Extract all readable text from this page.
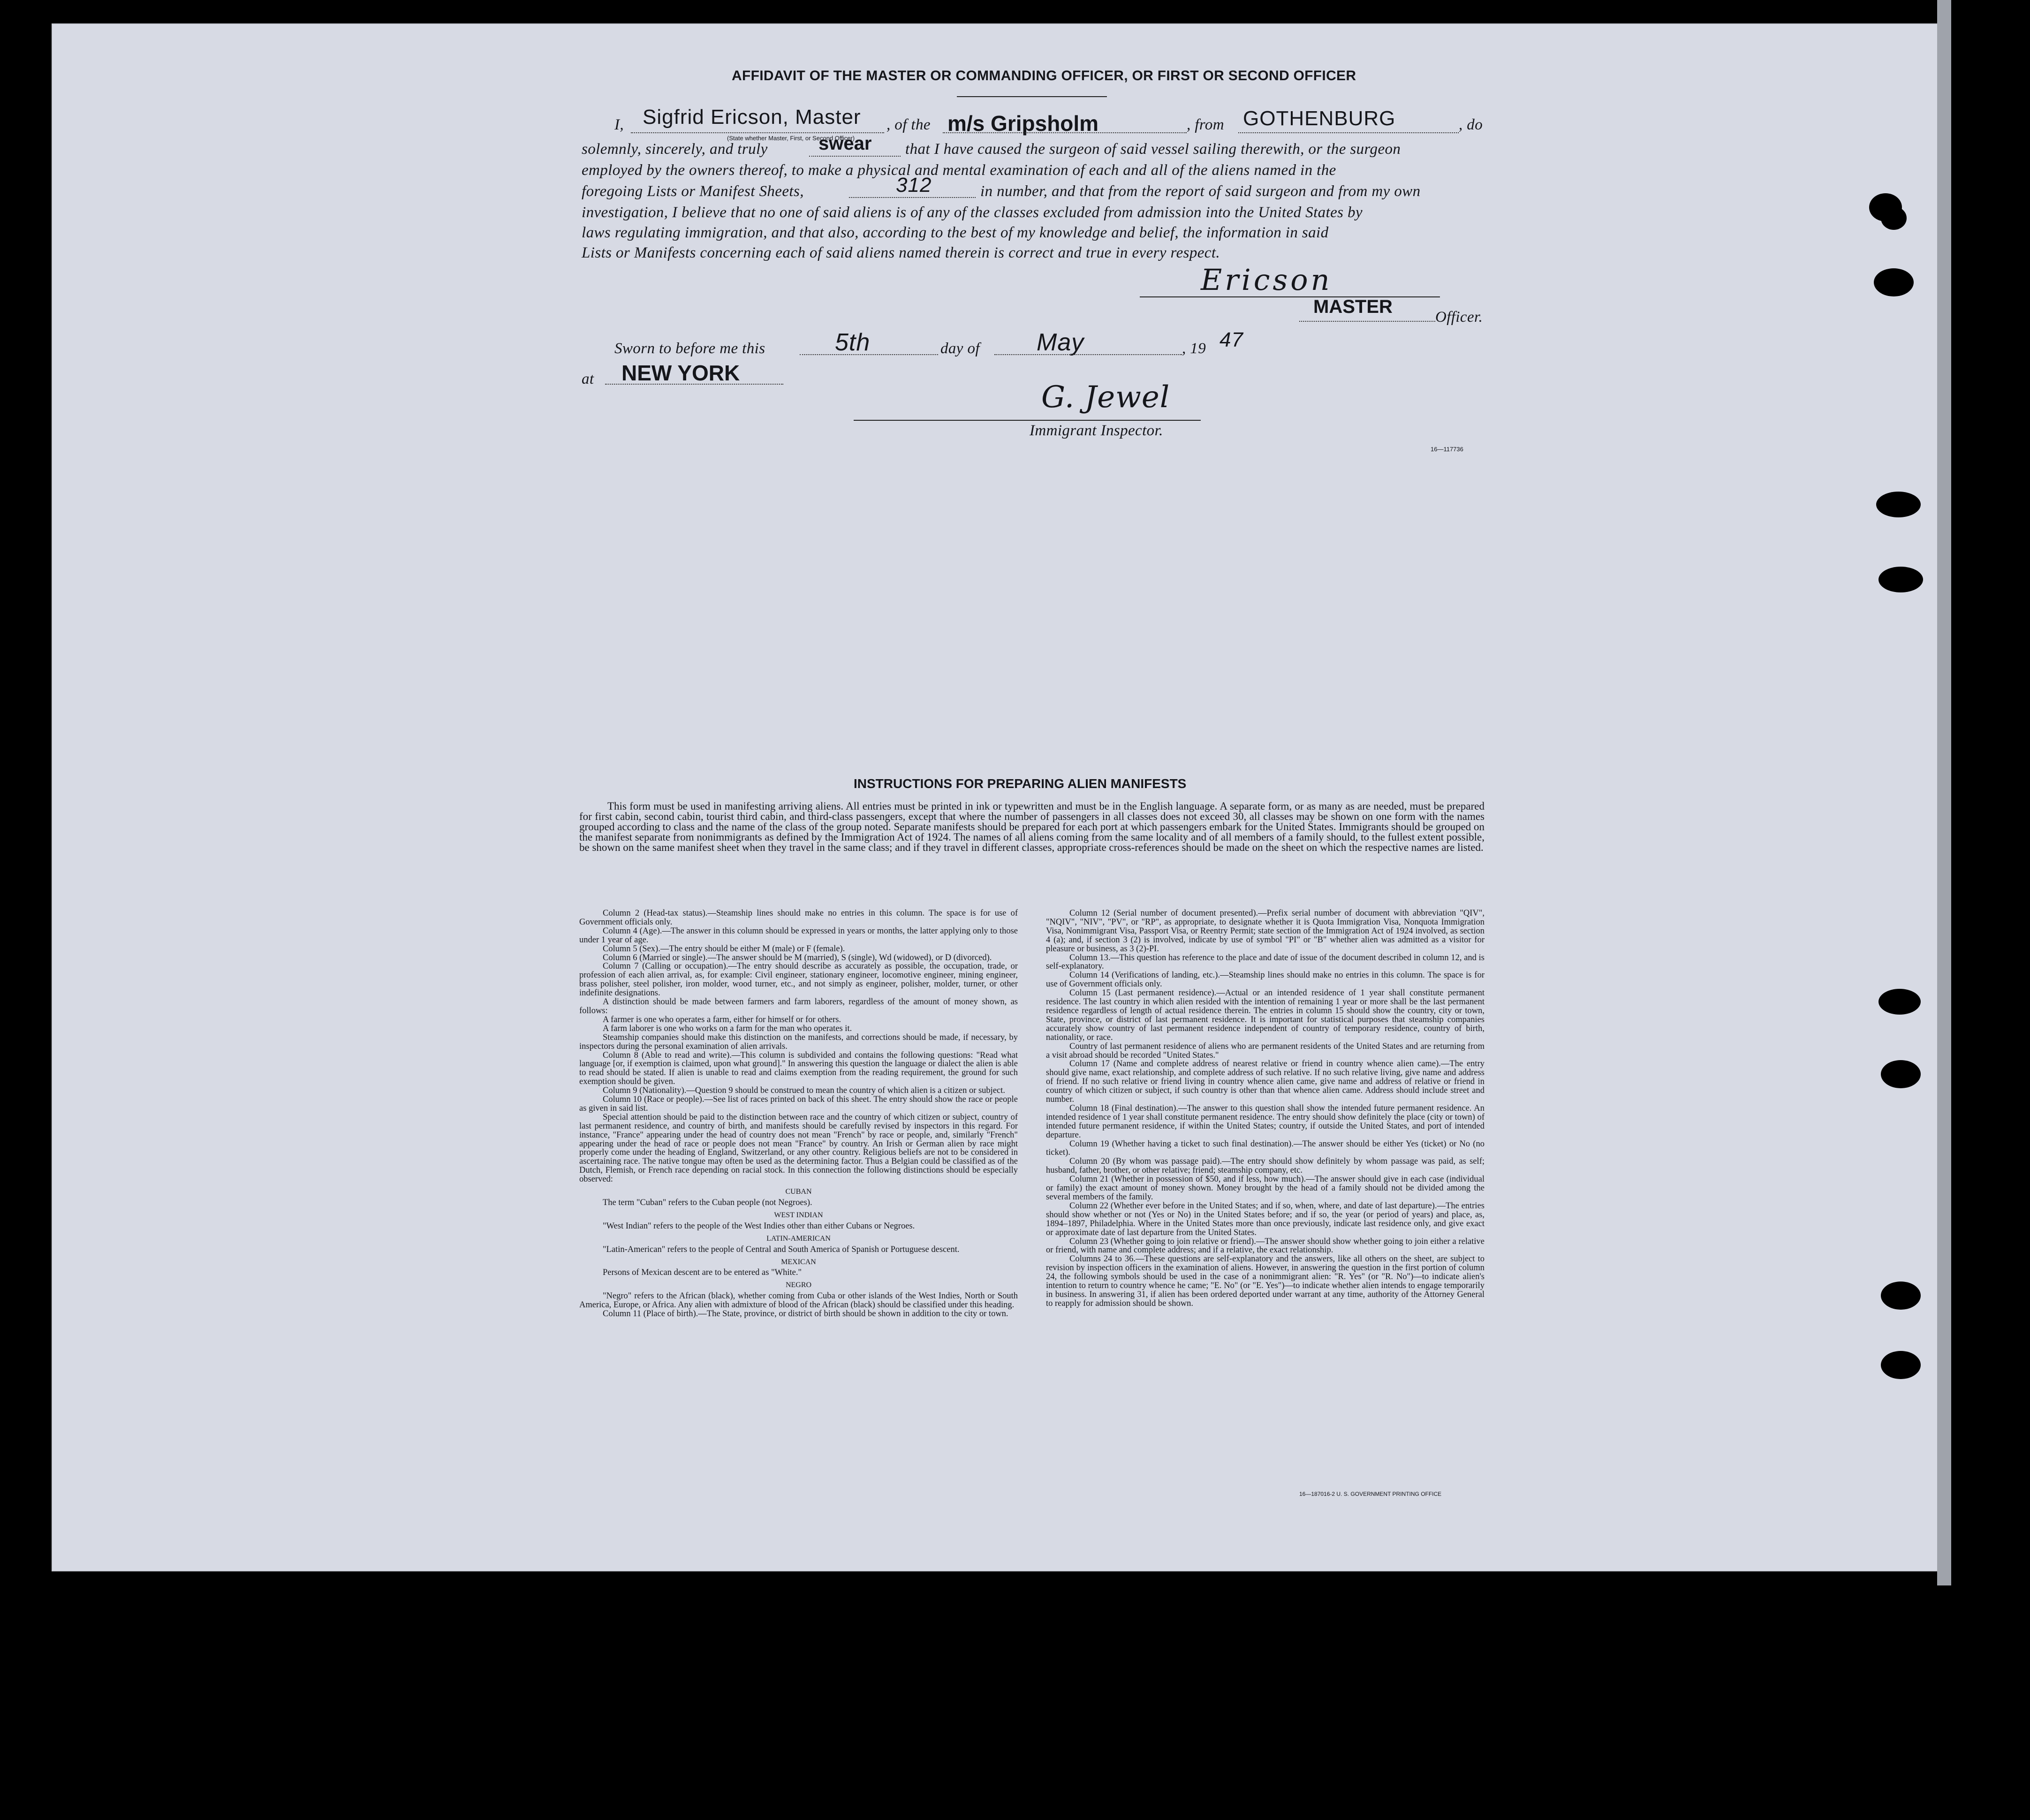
AFFIDAVIT OF THE MASTER OR COMMANDING OFFICER, OR FIRST OR SECOND OFFICER
I, Sigfrid Ericson, Master
(State whether Master, First, or Second Officer)
, of the m/s Gripsholm	, from GOTHENBURG	, do
solemnly, sincerely, and truly	swear that I have caused the surgeon of said vessel sailing therewith, or the surgeon
employed by the owners thereof, to make a physical and mental examination of each and all of the aliens named in the
foregoing Lists or Manifest Sheets,	312	in number, and that from the report of said surgeon and from my own
investigation, I believe that no one of said aliens is of any of the classes excluded from admission into the United States by
laws regulating immigration, and that also, according to the best of my knowledge and belief, the information in said
Lists or Manifests concerning each of said aliens named therein is correct and true in every respect.
Ericson
MASTER	Officer.
Sworn to before me this	5th	day of May	, 19 47
at NEW YORK
G. Jewel
Immigrant Inspector.
16—117736
INSTRUCTIONS FOR PREPARING ALIEN MANIFESTS
This form must be used in manifesting arriving aliens. All entries must be printed in ink or typewritten and must be in the English language. A separate form, or as many as are needed, must be prepared for first cabin, second cabin, tourist third cabin, and third-class passengers, except that where the number of passengers in all classes does not exceed 30, all classes may be shown on one form with the names grouped according to class and the name of the class of the group noted. Separate manifests should be prepared for each port at which passengers embark for the United States. Immigrants should be grouped on the manifest separate from nonimmigrants as defined by the Immigration Act of 1924. The names of all aliens coming from the same locality and of all members of a family should, to the fullest extent possible, be shown on the same manifest sheet when they travel in the same class; and if they travel in different classes, appropriate cross-references should be made on the sheet on which the respective names are listed.

Column 2 (Head-tax status).—Steamship lines should make no entries in this column. The space is for use of Government officials only.

Column 4 (Age).—The answer in this column should be expressed in years or months, the latter applying only to those under 1 year of age.

Column 5 (Sex).—The entry should be either M (male) or F (female).

Column 6 (Married or single).—The answer should be M (married), S (single), Wd (widowed), or D (divorced).

Column 7 (Calling or occupation).—The entry should describe as accurately as possible, the occupation, trade, or profession of each alien arrival, as, for example: Civil engineer, stationary engineer, locomotive engineer, mining engineer, brass polisher, steel polisher, iron molder, wood turner, etc., and not simply as engineer, polisher, molder, turner, or other indefinite designations.

A distinction should be made between farmers and farm laborers, regardless of the amount of money shown, as follows:

A farmer is one who operates a farm, either for himself or for others.

A farm laborer is one who works on a farm for the man who operates it.

Steamship companies should make this distinction on the manifests, and corrections should be made, if necessary, by inspectors during the personal examination of alien arrivals.

Column 8 (Able to read and write).—This column is subdivided and contains the following questions: "Read what language [or, if exemption is claimed, upon what ground]." In answering this question the language or dialect the alien is able to read should be stated. If alien is unable to read and claims exemption from the reading requirement, the ground for such exemption should be given.

Column 9 (Nationality).—Question 9 should be construed to mean the country of which alien is a citizen or subject.

Column 10 (Race or people).—See list of races printed on back of this sheet. The entry should show the race or people as given in said list.

Special attention should be paid to the distinction between race and the country of which citizen or subject, country of last permanent residence, and country of birth, and manifests should be carefully revised by inspectors in this regard. For instance, "France" appearing under the head of country does not mean "French" by race or people, and, similarly "French" appearing under the head of race or people does not mean "France" by country. An Irish or German alien by race might properly come under the heading of England, Switzerland, or any other country. Religious beliefs are not to be considered in ascertaining race. The native tongue may often be used as the determining factor. Thus a Belgian could be classified as of the Dutch, Flemish, or French race depending on racial stock. In this connection the following distinctions should be especially observed:

CUBAN

The term "Cuban" refers to the Cuban people (not Negroes).

WEST INDIAN

"West Indian" refers to the people of the West Indies other than either Cubans or Negroes.

LATIN-AMERICAN

"Latin-American" refers to the people of Central and South America of Spanish or Portuguese descent.

MEXICAN

Persons of Mexican descent are to be entered as "White."

NEGRO

"Negro" refers to the African (black), whether coming from Cuba or other islands of the West Indies, North or South America, Europe, or Africa. Any alien with admixture of blood of the African (black) should be classified under this heading.

Column 11 (Place of birth).—The State, province, or district of birth should be shown in addition to the city or town.

Column 12 (Serial number of document presented).—Prefix serial number of document with abbreviation "QIV", "NQIV", "NIV", "PV", or "RP", as appropriate, to designate whether it is Quota Immigration Visa, Nonquota Immigration Visa, Nonimmigrant Visa, Passport Visa, or Reentry Permit; state section of the Immigration Act of 1924 involved, as section 4 (a); and, if section 3 (2) is involved, indicate by use of symbol "PI" or "B" whether alien was admitted as a visitor for pleasure or business, as 3 (2)-PI.

Column 13.—This question has reference to the place and date of issue of the document described in column 12, and is self-explanatory.

Column 14 (Verifications of landing, etc.).—Steamship lines should make no entries in this column. The space is for use of Government officials only.

Column 15 (Last permanent residence).—Actual or an intended residence of 1 year shall constitute permanent residence. The last country in which alien resided with the intention of remaining 1 year or more shall be the last permanent residence regardless of length of actual residence therein. The entries in column 15 should show the country, city or town, State, province, or district of last permanent residence. It is important for statistical purposes that steamship companies accurately show country of last permanent residence independent of country of temporary residence, country of birth, nationality, or race.

Country of last permanent residence of aliens who are permanent residents of the United States and are returning from a visit abroad should be recorded "United States."

Column 17 (Name and complete address of nearest relative or friend in country whence alien came).—The entry should give name, exact relationship, and complete address of such relative. If no such relative living, give name and address of friend. If no such relative or friend living in country whence alien came, give name and address of relative or friend in country of which citizen or subject, if such country is other than that whence alien came. Address should include street and number.

Column 18 (Final destination).—The answer to this question shall show the intended future permanent residence. An intended residence of 1 year shall constitute permanent residence. The entry should show definitely the place (city or town) of intended future permanent residence, if within the United States; country, if outside the United States, and port of intended departure.

Column 19 (Whether having a ticket to such final destination).—The answer should be either Yes (ticket) or No (no ticket).

Column 20 (By whom was passage paid).—The entry should show definitely by whom passage was paid, as self; husband, father, brother, or other relative; friend; steamship company, etc.

Column 21 (Whether in possession of $50, and if less, how much).—The answer should give in each case (individual or family) the exact amount of money shown. Money brought by the head of a family should not be divided among the several members of the family.

Column 22 (Whether ever before in the United States; and if so, when, where, and date of last departure).—The entries should show whether or not (Yes or No) in the United States before; and if so, the year (or period of years) and place, as, 1894–1897, Philadelphia. Where in the United States more than once previously, indicate last residence only, and give exact or approximate date of last departure from the United States.

Column 23 (Whether going to join relative or friend).—The answer should show whether going to join either a relative or friend, with name and complete address; and if a relative, the exact relationship.

Columns 24 to 36.—These questions are self-explanatory and the answers, like all others on the sheet, are subject to revision by inspection officers in the examination of aliens. However, in answering the question in the first portion of column 24, the following symbols should be used in the case of a nonimmigrant alien: "R. Yes" (or "R. No")—to indicate alien's intention to return to country whence he came; "E. No" (or "E. Yes")—to indicate whether alien intends to engage temporarily in business. In answering 31, if alien has been ordered deported under warrant at any time, authority of the Attorney General to reapply for admission should be shown.

16—187016-2 U. S. GOVERNMENT PRINTING OFFICE
